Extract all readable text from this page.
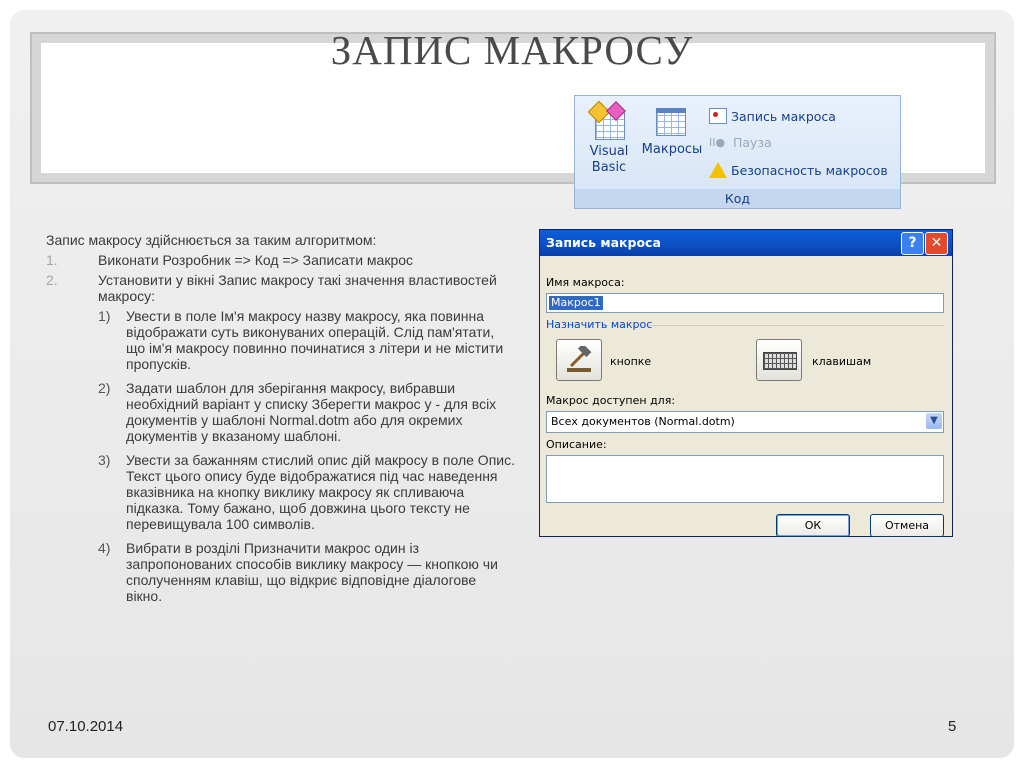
ЗАПИС МАКРОСУ
Visual Basic
Макросы
Запись макроса
II● Пауза
Безопасность макросов
Код

Запис макросу здійснюється за таким алгоритмом:

1.	Виконати Розробник => Код => Записати макрос
2.	Установити у вікні Запис макросу такі значення властивостей макросу:
1)	Увести в поле Ім'я макросу назву макросу, яка повинна відображати суть виконуваних операцій. Слід пам'ятати, що ім'я макросу повинно починатися з літери и не містити пропусків.
2)	Задати шаблон для зберігання макросу, вибравши необхідний варіант у списку Зберегти макрос у - для всіх документів у шаблоні Normal.dotm або для окремих документів у вказаному шаблоні.
3)	Увести за бажанням стислий опис дій макросу в поле Опис. Текст цього опису буде відображатися під час наведення вказівника на кнопку виклику макросу як спливаюча підказка. Тому бажано, щоб довжина цього тексту не перевищувала 100 символів.
4)	Вибрати в розділі Призначити макрос один із запропонованих способів виклику макросу — кнопкою чи сполученням клавіш, що відкриє відповідне діалогове вікно.
Запись макроса	?	✕
Имя макроса:
Макрос1
Назначить макрос
кнопке	клавишам
Макрос доступен для:
Всех документов (Normal.dotm)	▼
Описание:
ОК	Отмена
07.10.2014	5
